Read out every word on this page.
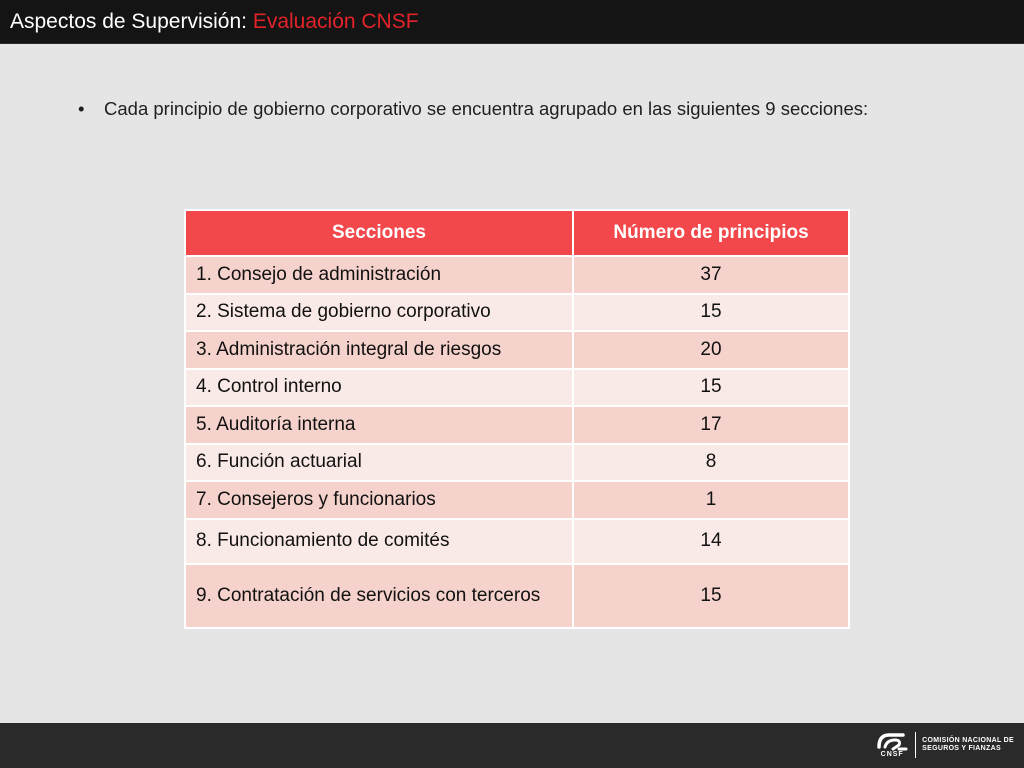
Aspectos de Supervisión: Evaluación CNSF
• Cada principio de gobierno corporativo se encuentra agrupado en las siguientes 9 secciones:
Secciones	Número de principios
1. Consejo de administración	37
2. Sistema de gobierno corporativo	15
3. Administración integral de riesgos	20
4. Control interno	15
5. Auditoría interna	17
6. Función actuarial	8
7. Consejeros y funcionarios	1
8. Funcionamiento de comités	14
9. Contratación de servicios con terceros	15
CNSF
COMISIÓN NACIONAL DE
SEGUROS Y FIANZAS
